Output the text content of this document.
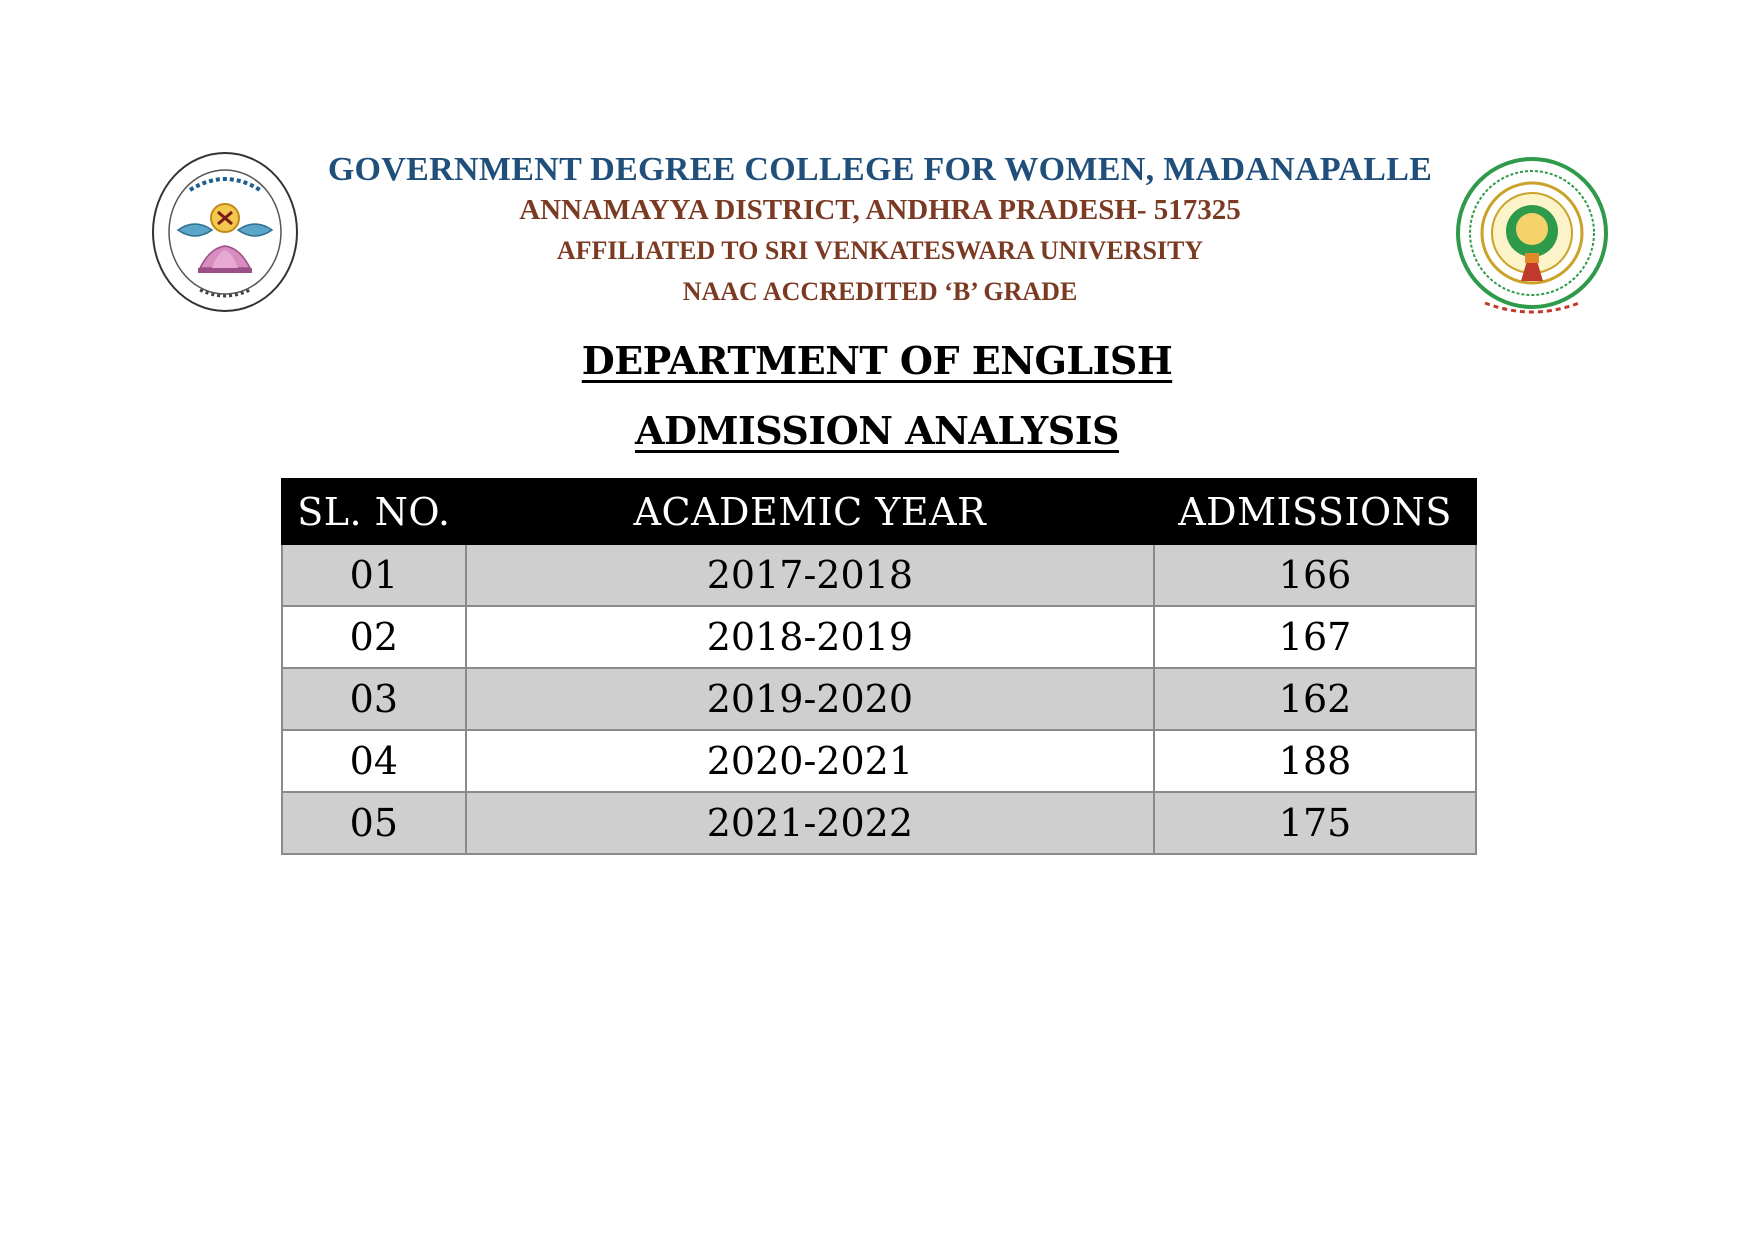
GOVERNMENT DEGREE COLLEGE FOR WOMEN, MADANAPALLE
ANNAMAYYA DISTRICT, ANDHRA PRADESH- 517325
AFFILIATED TO SRI VENKATESWARA UNIVERSITY
NAAC ACCREDITED ‘B’ GRADE
DEPARTMENT OF ENGLISH
ADMISSION ANALYSIS
SL. NO.	ACADEMIC YEAR	ADMISSIONS
01	2017-2018	166
02	2018-2019	167
03	2019-2020	162
04	2020-2021	188
05	2021-2022	175
